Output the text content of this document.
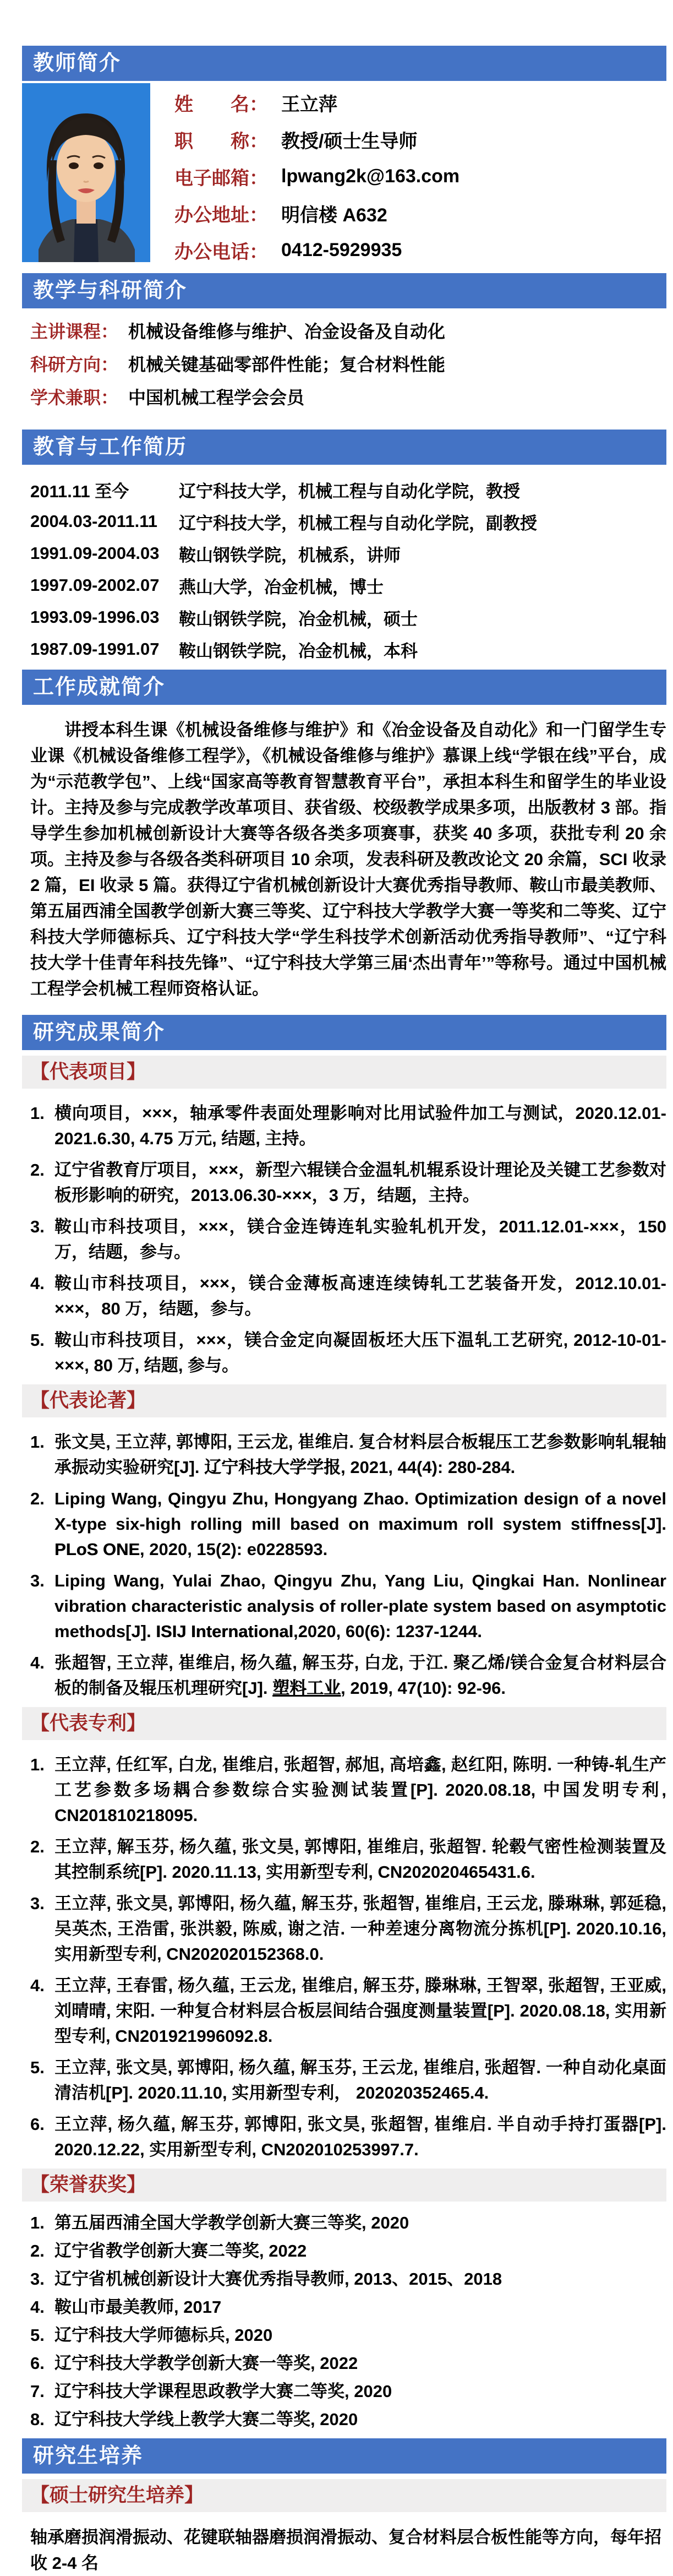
教师简介
姓　　名： 王立萍
职　　称： 教授/硕士生导师
电子邮箱： lpwang2k@163.com
办公地址： 明信楼 A632
办公电话： 0412-5929935
教学与科研简介
主讲课程： 机械设备维修与维护、冶金设备及自动化
科研方向： 机械关键基础零部件性能；复合材料性能
学术兼职： 中国机械工程学会会员
教育与工作简历
2011.11 至今	辽宁科技大学，机械工程与自动化学院，教授
2004.03-2011.11	辽宁科技大学，机械工程与自动化学院，副教授
1991.09-2004.03	鞍山钢铁学院，机械系，讲师
1997.09-2002.07	燕山大学，冶金机械，博士
1993.09-1996.03	鞍山钢铁学院，冶金机械，硕士
1987.09-1991.07	鞍山钢铁学院，冶金机械，本科
工作成就简介
讲授本科生课《机械设备维修与维护》和《冶金设备及自动化》和一门留学生专业课《机械设备维修工程学》，《机械设备维修与维护》慕课上线“学银在线”平台，成为“示范教学包”、上线“国家高等教育智慧教育平台”，承担本科生和留学生的毕业设计。主持及参与完成教学改革项目、获省级、校级教学成果多项，出版教材 3 部。指导学生参加机械创新设计大赛等各级各类多项赛事，获奖 40 多项，获批专利 20 余项。主持及参与各级各类科研项目 10 余项，发表科研及教改论文 20 余篇，SCI 收录 2 篇，EI 收录 5 篇。获得辽宁省机械创新设计大赛优秀指导教师、鞍山市最美教师、第五届西浦全国教学创新大赛三等奖、辽宁科技大学教学大赛一等奖和二等奖、辽宁科技大学师德标兵、辽宁科技大学“学生科技学术创新活动优秀指导教师”、“辽宁科技大学十佳青年科技先锋”、“辽宁科技大学第三届‘杰出青年’”等称号。通过中国机械工程学会机械工程师资格认证。
研究成果简介
【代表项目】
横向项目，×××，轴承零件表面处理影响对比用试验件加工与测试，2020.12.01-2021.6.30, 4.75 万元, 结题, 主持。
辽宁省教育厅项目，×××，新型六辊镁合金温轧机辊系设计理论及关键工艺参数对板形影响的研究，2013.06.30-×××，3 万，结题，主持。
鞍山市科技项目，×××，镁合金连铸连轧实验轧机开发，2011.12.01-×××，150 万，结题，参与。
鞍山市科技项目，×××，镁合金薄板高速连续铸轧工艺装备开发，2012.10.01-×××，80 万，结题，参与。
鞍山市科技项目，×××，镁合金定向凝固板坯大压下温轧工艺研究, 2012-10-01-×××, 80 万, 结题, 参与。
【代表论著】
张文昊, 王立萍, 郭博阳, 王云龙, 崔维启. 复合材料层合板辊压工艺参数影响轧辊轴承振动实验研究[J]. 辽宁科技大学学报, 2021, 44(4): 280-284.
Liping Wang, Qingyu Zhu, Hongyang Zhao. Optimization design of a novel X-type six-high rolling mill based on maximum roll system stiffness[J]. PLoS ONE, 2020, 15(2): e0228593.
Liping Wang, Yulai Zhao, Qingyu Zhu, Yang Liu, Qingkai Han. Nonlinear vibration characteristic analysis of roller-plate system based on asymptotic methods[J]. ISIJ International,2020, 60(6): 1237-1244.
张超智, 王立萍, 崔维启, 杨久蕴, 解玉芬, 白龙, 于江. 聚乙烯/镁合金复合材料层合板的制备及辊压机理研究[J]. 塑料工业, 2019, 47(10): 92-96.
【代表专利】
王立萍, 任红军, 白龙, 崔维启, 张超智, 郝旭, 高培鑫, 赵红阳, 陈明. 一种铸-轧生产工艺参数多场耦合参数综合实验测试装置[P]. 2020.08.18, 中国发明专利, CN201810218095.
王立萍, 解玉芬, 杨久蕴, 张文昊, 郭博阳, 崔维启, 张超智. 轮毂气密性检测装置及其控制系统[P]. 2020.11.13, 实用新型专利, CN202020465431.6.
王立萍, 张文昊, 郭博阳, 杨久蕴, 解玉芬, 张超智, 崔维启, 王云龙, 滕琳琳, 郭延稳, 吴英杰, 王浩雷, 张洪毅, 陈威, 谢之洁. 一种差速分离物流分拣机[P]. 2020.10.16, 实用新型专利, CN202020152368.0.
王立萍, 王春雷, 杨久蕴, 王云龙, 崔维启, 解玉芬, 滕琳琳, 王智翠, 张超智, 王亚威, 刘晴晴, 宋阳. 一种复合材料层合板层间结合强度测量装置[P]. 2020.08.18, 实用新型专利, CN201921996092.8.
王立萍, 张文昊, 郭博阳, 杨久蕴, 解玉芬, 王云龙, 崔维启, 张超智. 一种自动化桌面清洁机[P]. 2020.11.10, 实用新型专利， 202020352465.4.
王立萍, 杨久蕴, 解玉芬, 郭博阳, 张文昊, 张超智, 崔维启. 半自动手持打蛋器[P]. 2020.12.22, 实用新型专利, CN202010253997.7.
【荣誉获奖】
第五届西浦全国大学教学创新大赛三等奖, 2020
辽宁省教学创新大赛二等奖, 2022
辽宁省机械创新设计大赛优秀指导教师, 2013、2015、2018
鞍山市最美教师, 2017
辽宁科技大学师德标兵, 2020
辽宁科技大学教学创新大赛一等奖, 2022
辽宁科技大学课程思政教学大赛二等奖, 2020
辽宁科技大学线上教学大赛二等奖, 2020
研究生培养
【硕士研究生培养】
轴承磨损润滑振动、花键联轴器磨损润滑振动、复合材料层合板性能等方向，每年招收 2-4 名
